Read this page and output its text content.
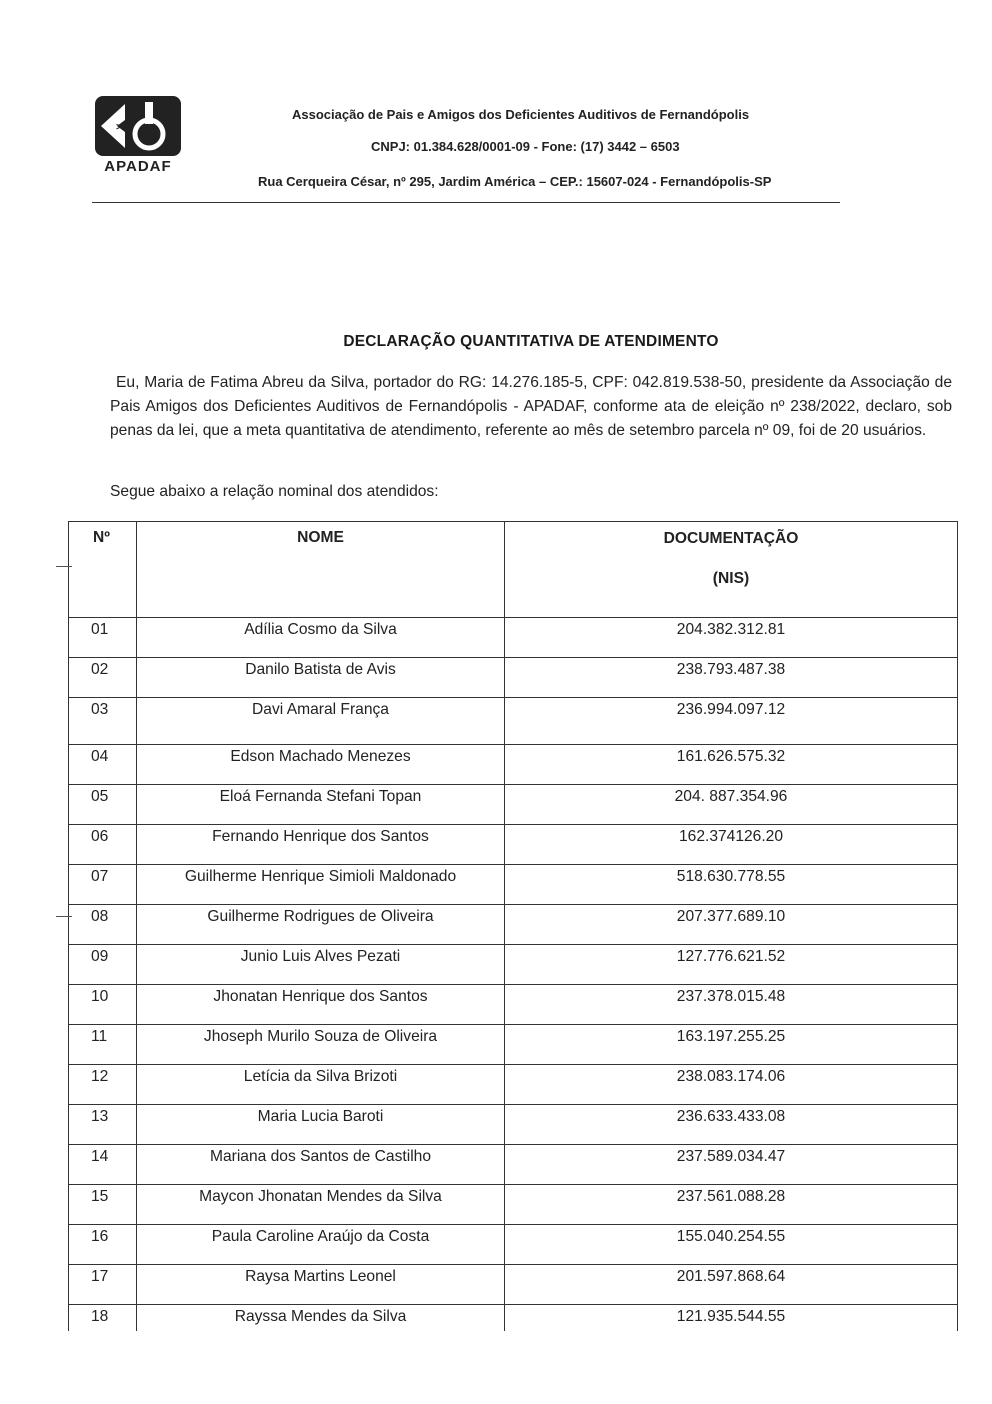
>
APADAF
Associação de Pais e Amigos dos Deficientes Auditivos de Fernandópolis
CNPJ: 01.384.628/0001-09 - Fone: (17) 3442 – 6503
Rua Cerqueira César, nº 295, Jardim América – CEP.: 15607-024 - Fernandópolis-SP
DECLARAÇÃO QUANTITATIVA DE ATENDIMENTO
Eu, Maria de Fatima Abreu da Silva, portador do RG: 14.276.185-5, CPF: 042.819.538-50, presidente da Associação de Pais Amigos dos Deficientes Auditivos de Fernandópolis - APADAF, conforme ata de eleição nº 238/2022, declaro, sob penas da lei, que a meta quantitativa de atendimento, referente ao mês de setembro parcela nº 09, foi de 20 usuários.
Segue abaixo a relação nominal dos atendidos:
Nº	NOME	DOCUMENTAÇÃO
(NIS)

01	Adília Cosmo da Silva	204.382.312.81
02	Danilo Batista de Avis	238.793.487.38
03	Davi Amaral França	236.994.097.12
04	Edson Machado Menezes	161.626.575.32
05	Eloá Fernanda Stefani Topan	204. 887.354.96
06	Fernando Henrique dos Santos	162.374126.20
07	Guilherme Henrique Simioli Maldonado	518.630.778.55
08	Guilherme Rodrigues de Oliveira	207.377.689.10
09	Junio Luis Alves Pezati	127.776.621.52
10	Jhonatan Henrique dos Santos	237.378.015.48
11	Jhoseph Murilo Souza de Oliveira	163.197.255.25
12	Letícia da Silva Brizoti	238.083.174.06
13	Maria Lucia Baroti	236.633.433.08
14	Mariana dos Santos de Castilho	237.589.034.47
15	Maycon Jhonatan Mendes da Silva	237.561.088.28
16	Paula Caroline Araújo da Costa	155.040.254.55
17	Raysa Martins Leonel	201.597.868.64
18	Rayssa Mendes da Silva	121.935.544.55
